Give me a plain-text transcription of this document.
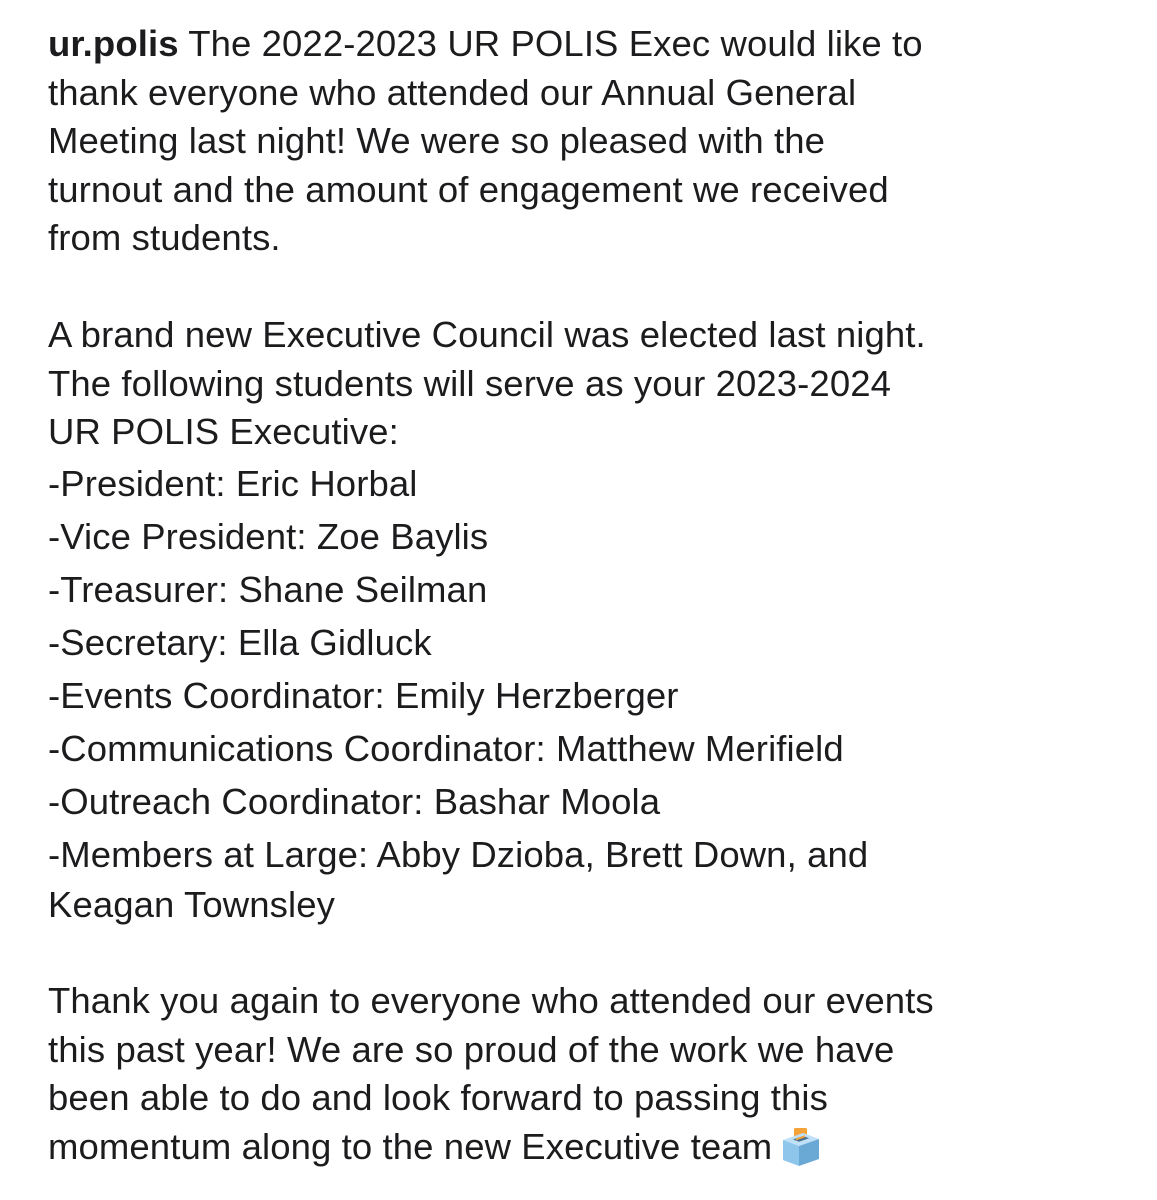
ur.polis The 2022-2023 UR POLIS Exec would like to
thank everyone who attended our Annual General
Meeting last night! We were so pleased with the
turnout and the amount of engagement we received
from students.
A brand new Executive Council was elected last night.
The following students will serve as your 2023-2024
UR POLIS Executive:
-President: Eric Horbal
-Vice President: Zoe Baylis
-Treasurer: Shane Seilman
-Secretary: Ella Gidluck
-Events Coordinator: Emily Herzberger
-Communications Coordinator: Matthew Merifield
-Outreach Coordinator: Bashar Moola
-Members at Large: Abby Dzioba, Brett Down, and
Keagan Townsley
Thank you again to everyone who attended our events
this past year! We are so proud of the work we have
been able to do and look forward to passing this
momentum along to the new Executive team
